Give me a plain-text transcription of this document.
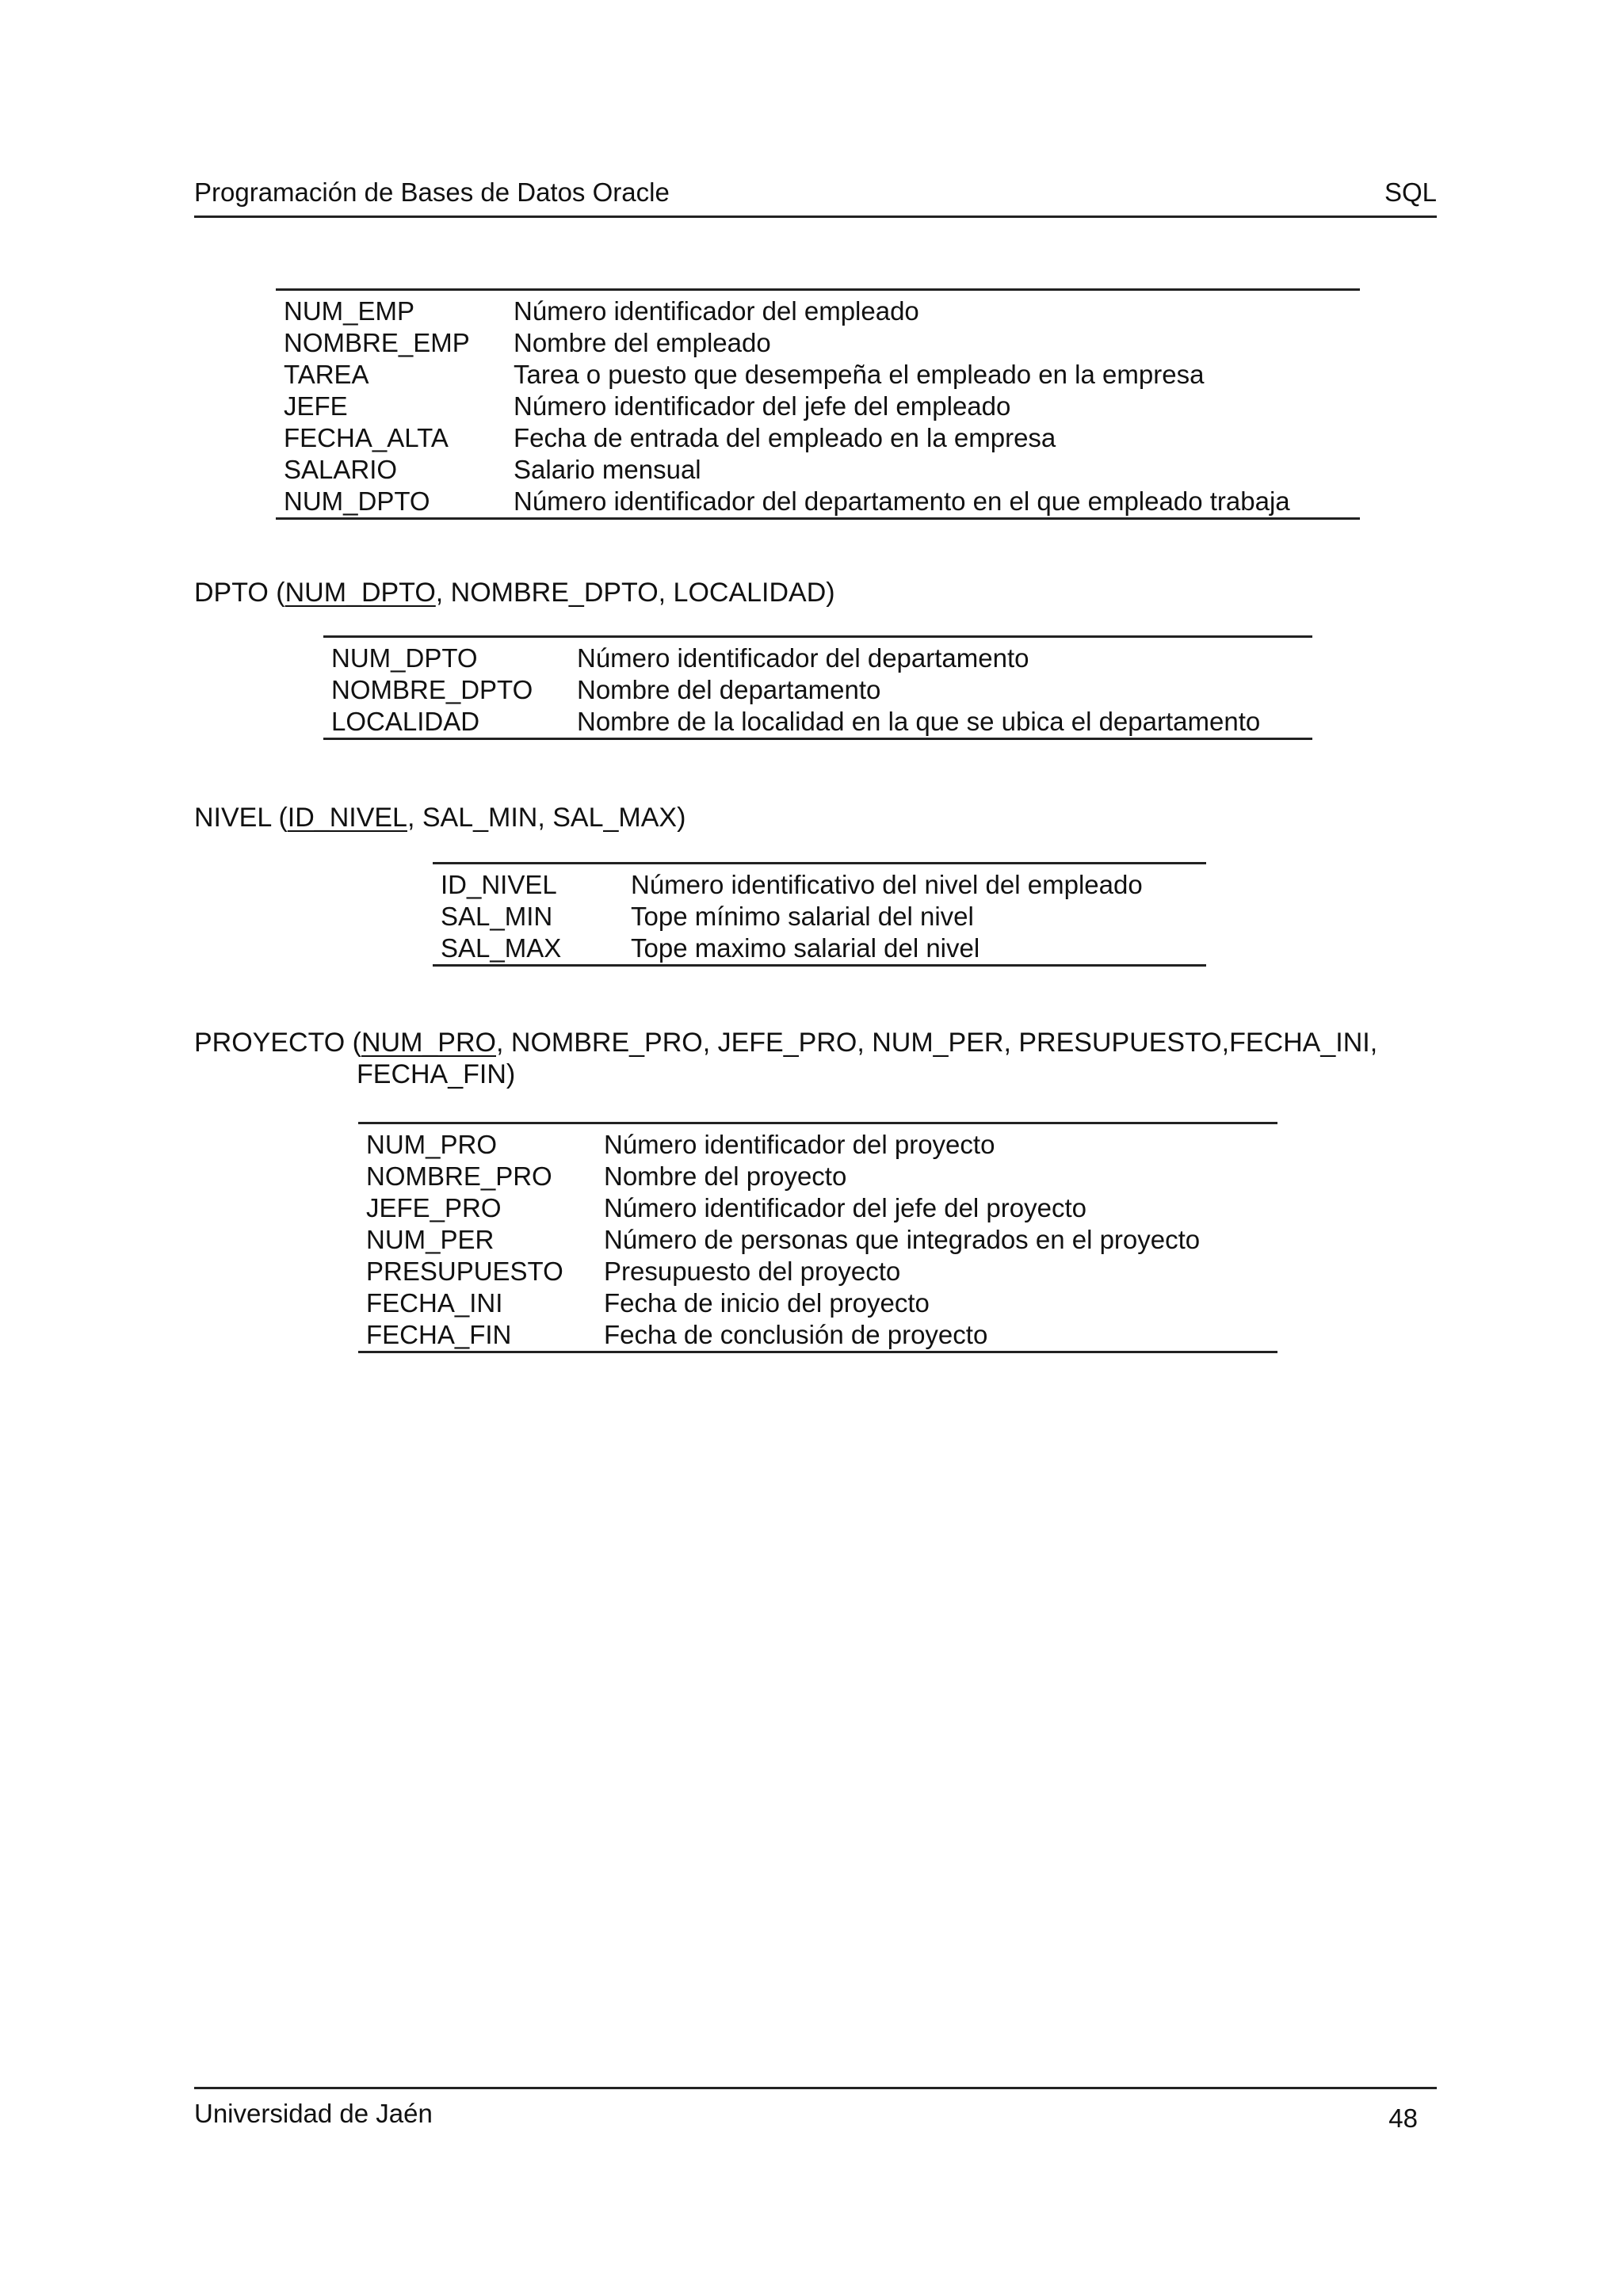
Programación de Bases de Datos Oracle	SQL
NUM_EMP	Número identificador del empleado
NOMBRE_EMP	Nombre del empleado
TAREA	Tarea o puesto que desempeña el empleado en la empresa
JEFE	Número identificador del jefe del empleado
FECHA_ALTA	Fecha de entrada del empleado en la empresa
SALARIO	Salario mensual
NUM_DPTO	Número identificador del departamento en el que empleado trabaja
DPTO (NUM_DPTO, NOMBRE_DPTO, LOCALIDAD)
NUM_DPTO	Número identificador del departamento
NOMBRE_DPTO	Nombre del departamento
LOCALIDAD	Nombre de la localidad en la que se ubica el departamento
NIVEL (ID_NIVEL, SAL_MIN, SAL_MAX)
ID_NIVEL	Número identificativo del nivel del empleado
SAL_MIN	Tope mínimo salarial del nivel
SAL_MAX	Tope maximo salarial del nivel
PROYECTO (NUM_PRO, NOMBRE_PRO, JEFE_PRO, NUM_PER, PRESUPUESTO,FECHA_INI,
FECHA_FIN)
NUM_PRO	Número identificador del proyecto
NOMBRE_PRO	Nombre del proyecto
JEFE_PRO	Número identificador del jefe del proyecto
NUM_PER	Número de personas que integrados en el proyecto
PRESUPUESTO	Presupuesto del proyecto
FECHA_INI	Fecha de inicio del proyecto
FECHA_FIN	Fecha de conclusión de proyecto
Universidad de Jaén	48
